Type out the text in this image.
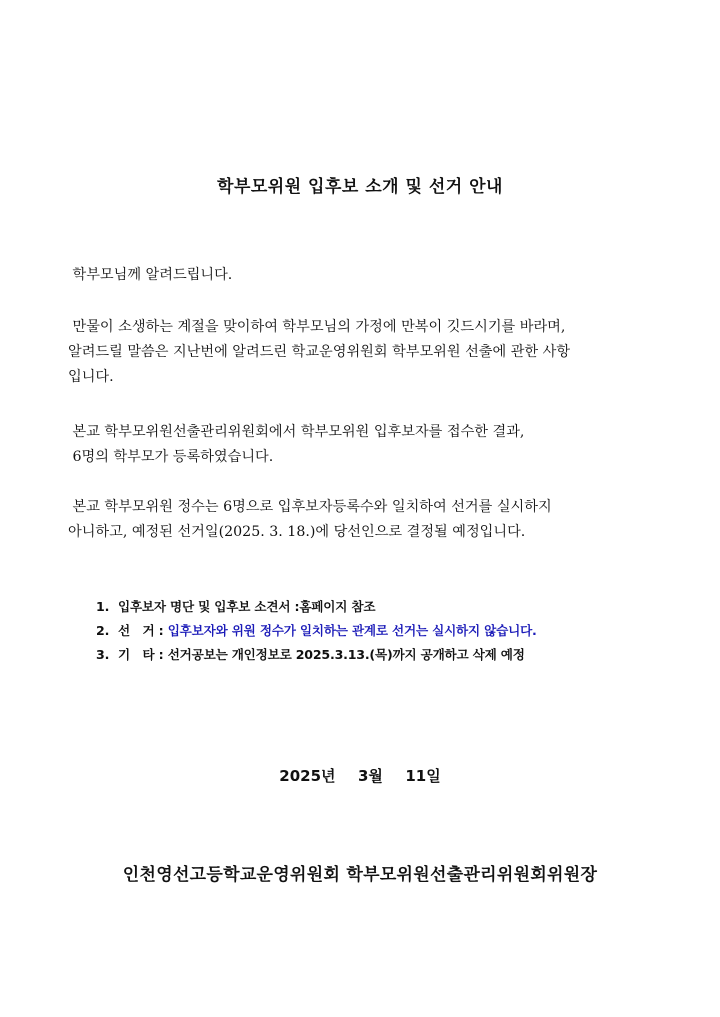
학부모위원 입후보 소개 및 선거 안내
학부모님께 알려드립니다.
만물이 소생하는 계절을 맞이하여 학부모님의 가정에 만복이 깃드시기를 바라며,
알려드릴 말씀은 지난번에 알려드린 학교운영위원회 학부모위원 선출에 관한 사항
입니다.
본교 학부모위원선출관리위원회에서 학부모위원 입후보자를 접수한 결과,
6명의 학부모가 등록하였습니다.
본교 학부모위원 정수는 6명으로 입후보자등록수와 일치하여 선거를 실시하지
아니하고, 예정된 선거일(2025. 3. 18.)에 당선인으로 결정될 예정입니다.
1. 입후보자 명단 및 입후보 소견서 :홈페이지 참조
2. 선   거 : 입후보자와 위원 정수가 일치하는 관계로 선거는 실시하지 않습니다.
3. 기   타 : 선거공보는 개인정보로 2025.3.13.(목)까지 공개하고 삭제 예정
2025년  3월  11일
인천영선고등학교운영위원회 학부모위원선출관리위원회위원장
